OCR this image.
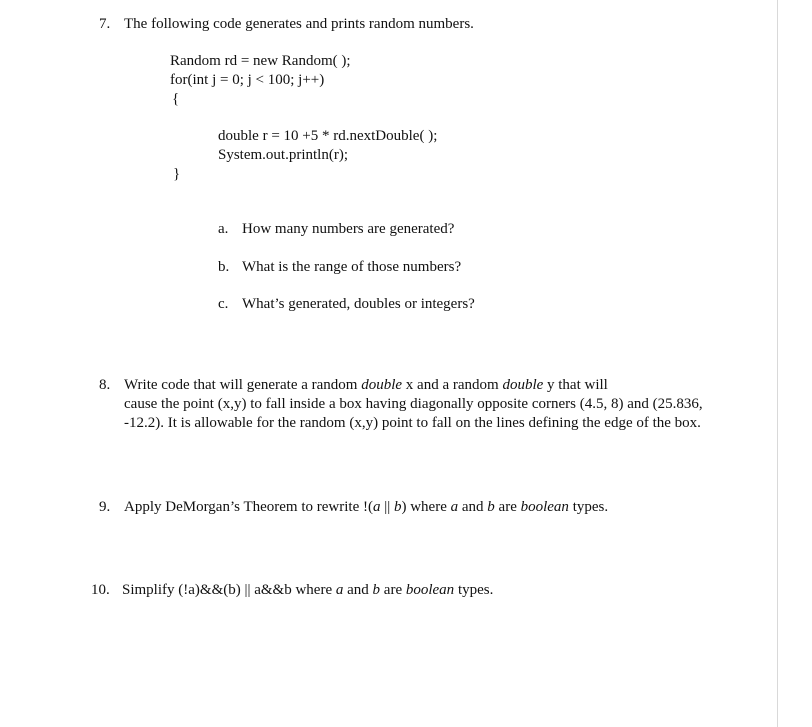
7. The following code generates and prints random numbers.
Random rd = new Random( );
for(int j = 0; j < 100; j++)
{
double r = 10 +5 * rd.nextDouble( );
System.out.println(r);
}
a. How many numbers are generated?
b. What is the range of those numbers?
c. What’s generated, doubles or integers?
8. Write code that will generate a random double x and a random double y that will
cause the point (x,y) to fall inside a box having diagonally opposite corners (4.5, 8) and (25.836,
-12.2). It is allowable for the random (x,y) point to fall on the lines defining the edge of the box.
9. Apply DeMorgan’s Theorem to rewrite !(a || b) where a and b are boolean types.
10. Simplify (!a)&&(b) || a&&b where a and b are boolean types.
